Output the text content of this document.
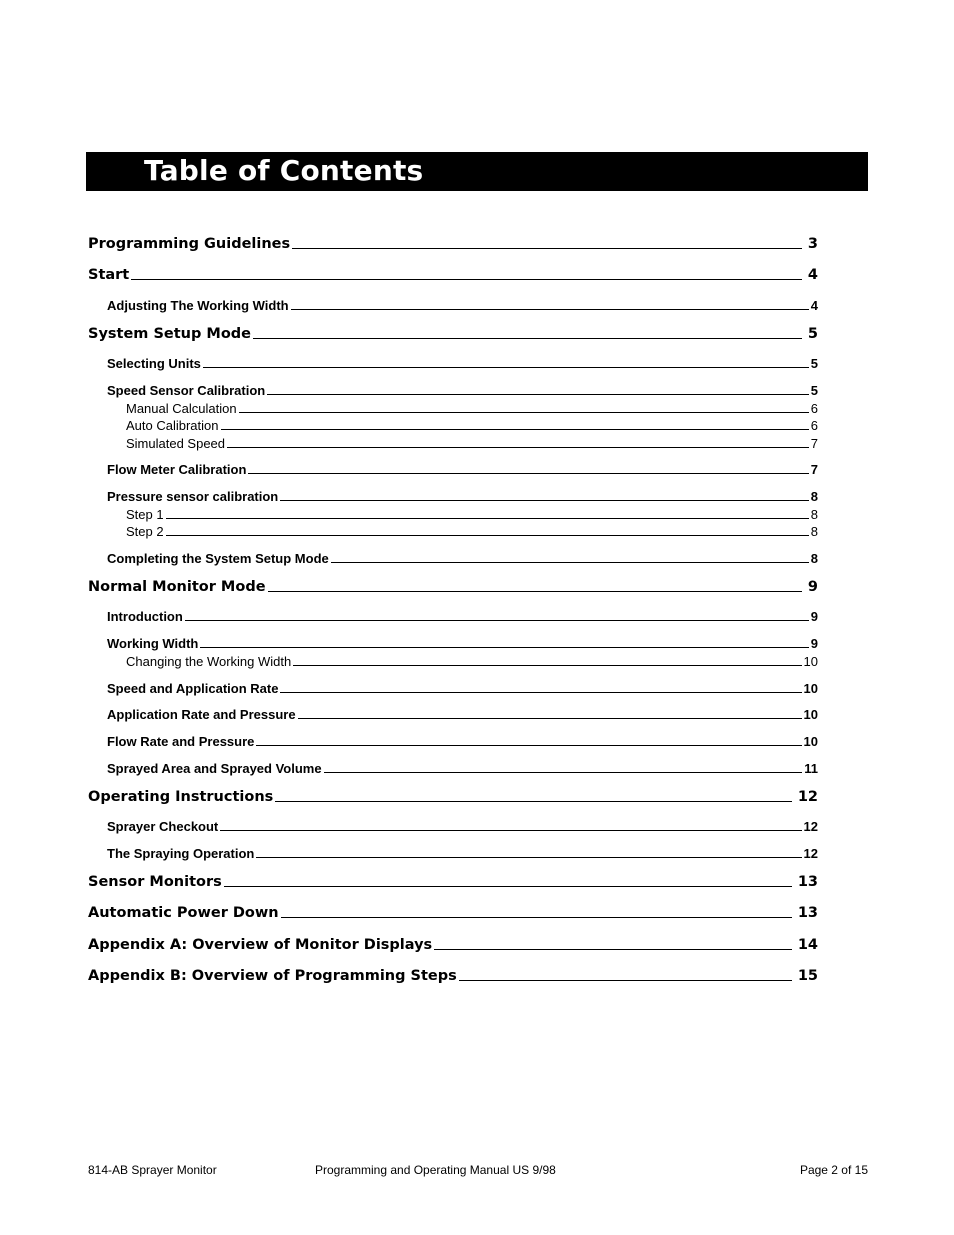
Table of Contents
Programming Guidelines	3
Start	4
Adjusting The Working Width	4
System Setup Mode	5
Selecting Units	5
Speed Sensor Calibration	5
Manual Calculation	6
Auto Calibration	6
Simulated Speed	7
Flow Meter Calibration	7
Pressure sensor calibration	8
Step 1	8
Step 2	8
Completing the System Setup Mode	8
Normal Monitor Mode	9
Introduction	9
Working Width	9
Changing the Working Width	10
Speed and Application Rate	10
Application Rate and Pressure	10
Flow Rate and Pressure	10
Sprayed Area and Sprayed Volume	11
Operating Instructions	12
Sprayer Checkout	12
The Spraying Operation	12
Sensor Monitors	13
Automatic Power Down	13
Appendix A: Overview of Monitor Displays	14
Appendix B: Overview of Programming Steps	15
814-AB Sprayer Monitor	Programming and Operating Manual US 9/98	Page 2 of 15
